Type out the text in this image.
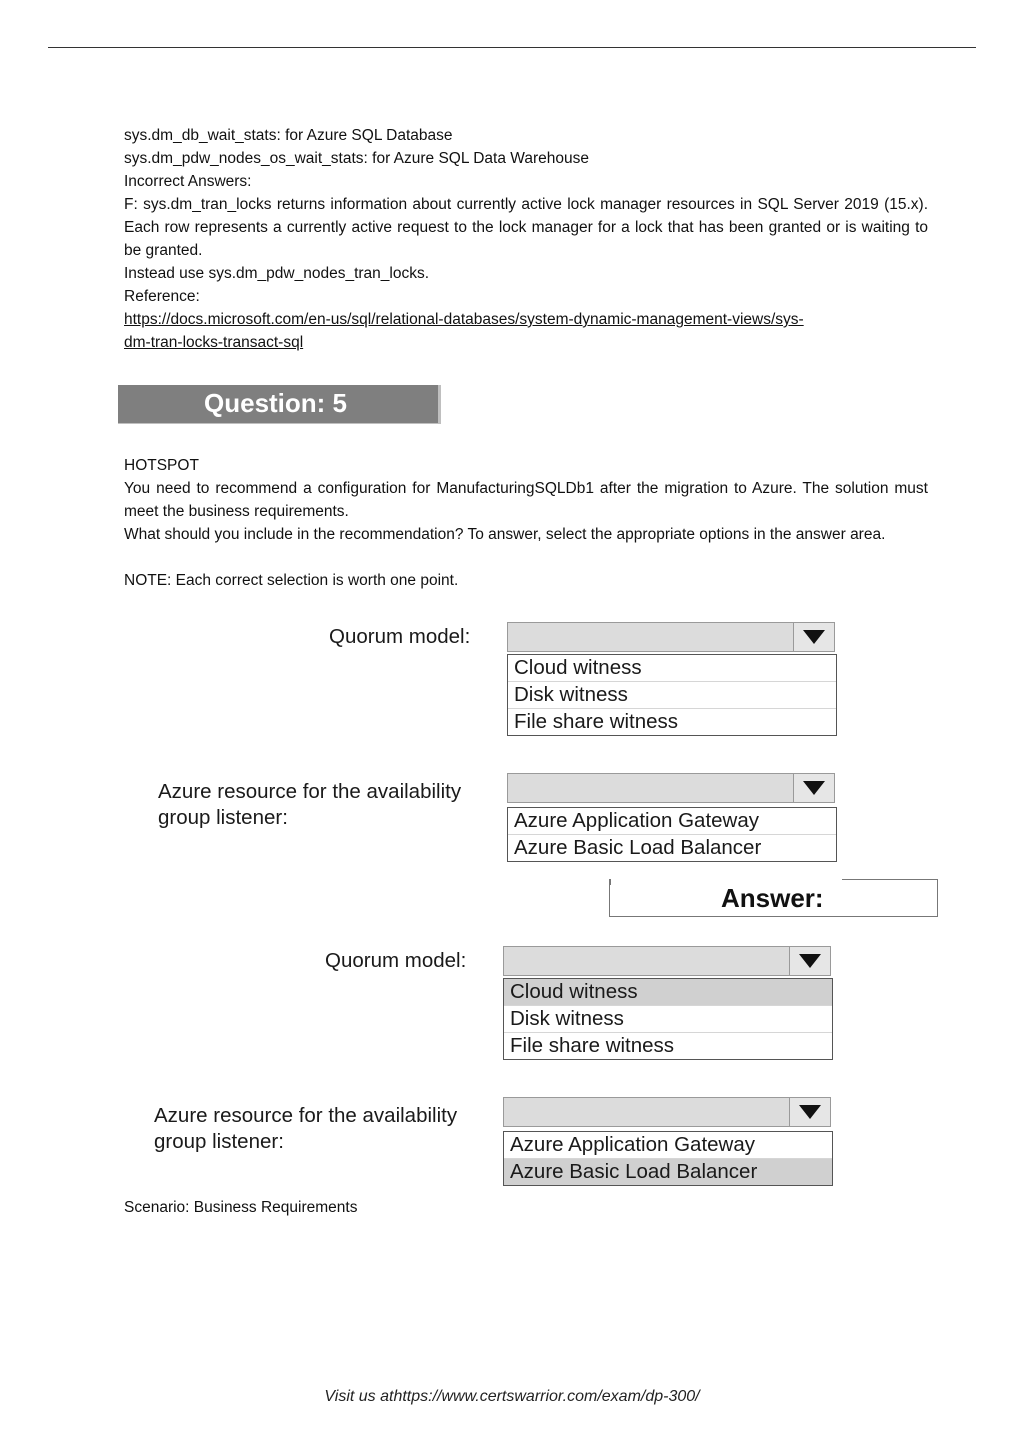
sys.dm_db_wait_stats: for Azure SQL Database

sys.dm_pdw_nodes_os_wait_stats: for Azure SQL Data Warehouse

Incorrect Answers:

F: sys.dm_tran_locks returns information about currently active lock manager resources in SQL Server 2019 (15.x). Each row represents a currently active request to the lock manager for a lock that has been granted or is waiting to be granted.

Instead use sys.dm_pdw_nodes_tran_locks.

Reference:

https://docs.microsoft.com/en-us/sql/relational-databases/system-dynamic-management-views/sys-
dm-tran-locks-transact-sql

Question: 5

HOTSPOT

You need to recommend a configuration for ManufacturingSQLDb1 after the migration to Azure. The solution must meet the business requirements.

What should you include in the recommendation? To answer, select the appropriate options in the answer area.

NOTE: Each correct selection is worth one point.

Quorum model:
Cloud witness
Disk witness
File share witness
Azure resource for the availability
group listener:	Azure Application Gateway
Azure Basic Load Balancer
Answer:
Quorum model:
Cloud witness
Disk witness
File share witness
Azure resource for the availability
group listener:	Azure Application Gateway
Azure Basic Load Balancer

Scenario: Business Requirements

Visit us athttps://www.certswarrior.com/exam/dp-300/
